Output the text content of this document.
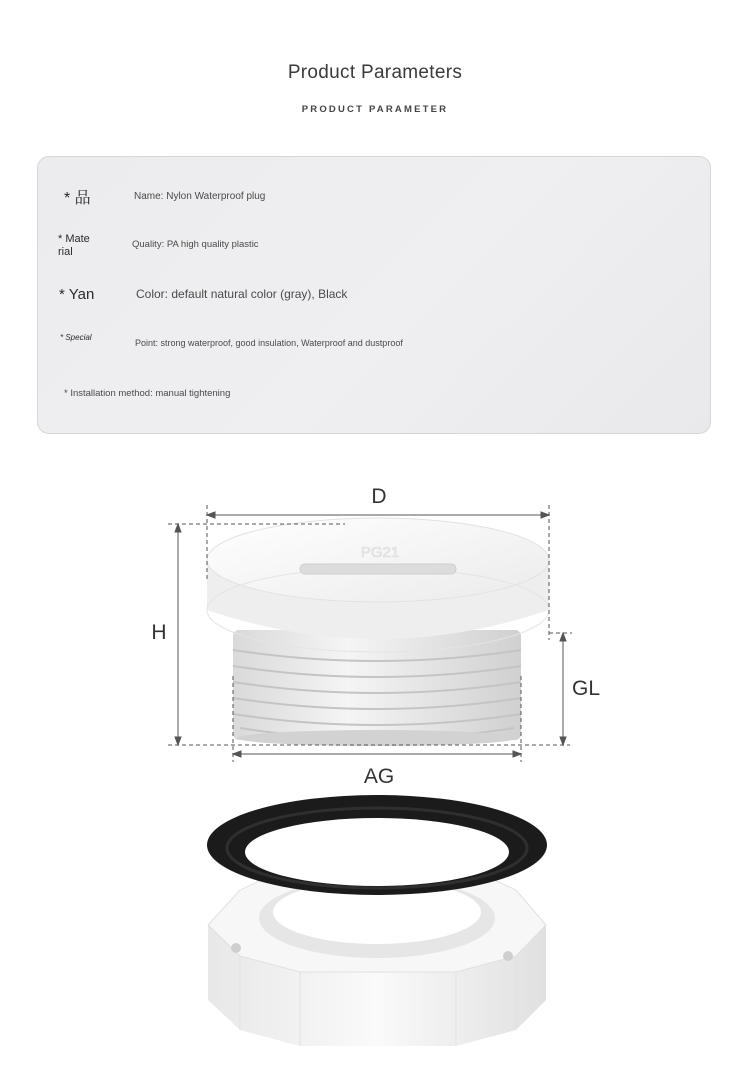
Product Parameters
PRODUCT PARAMETER
* 品	Name: Nylon Waterproof plug
* Mate rial
Quality: PA high quality plastic
* Yan	Color: default natural color (gray), Black
* Special
Point: strong waterproof, good insulation, Waterproof and dustproof
* Installation method: manual tightening
PG21
D
H
GL
AG
